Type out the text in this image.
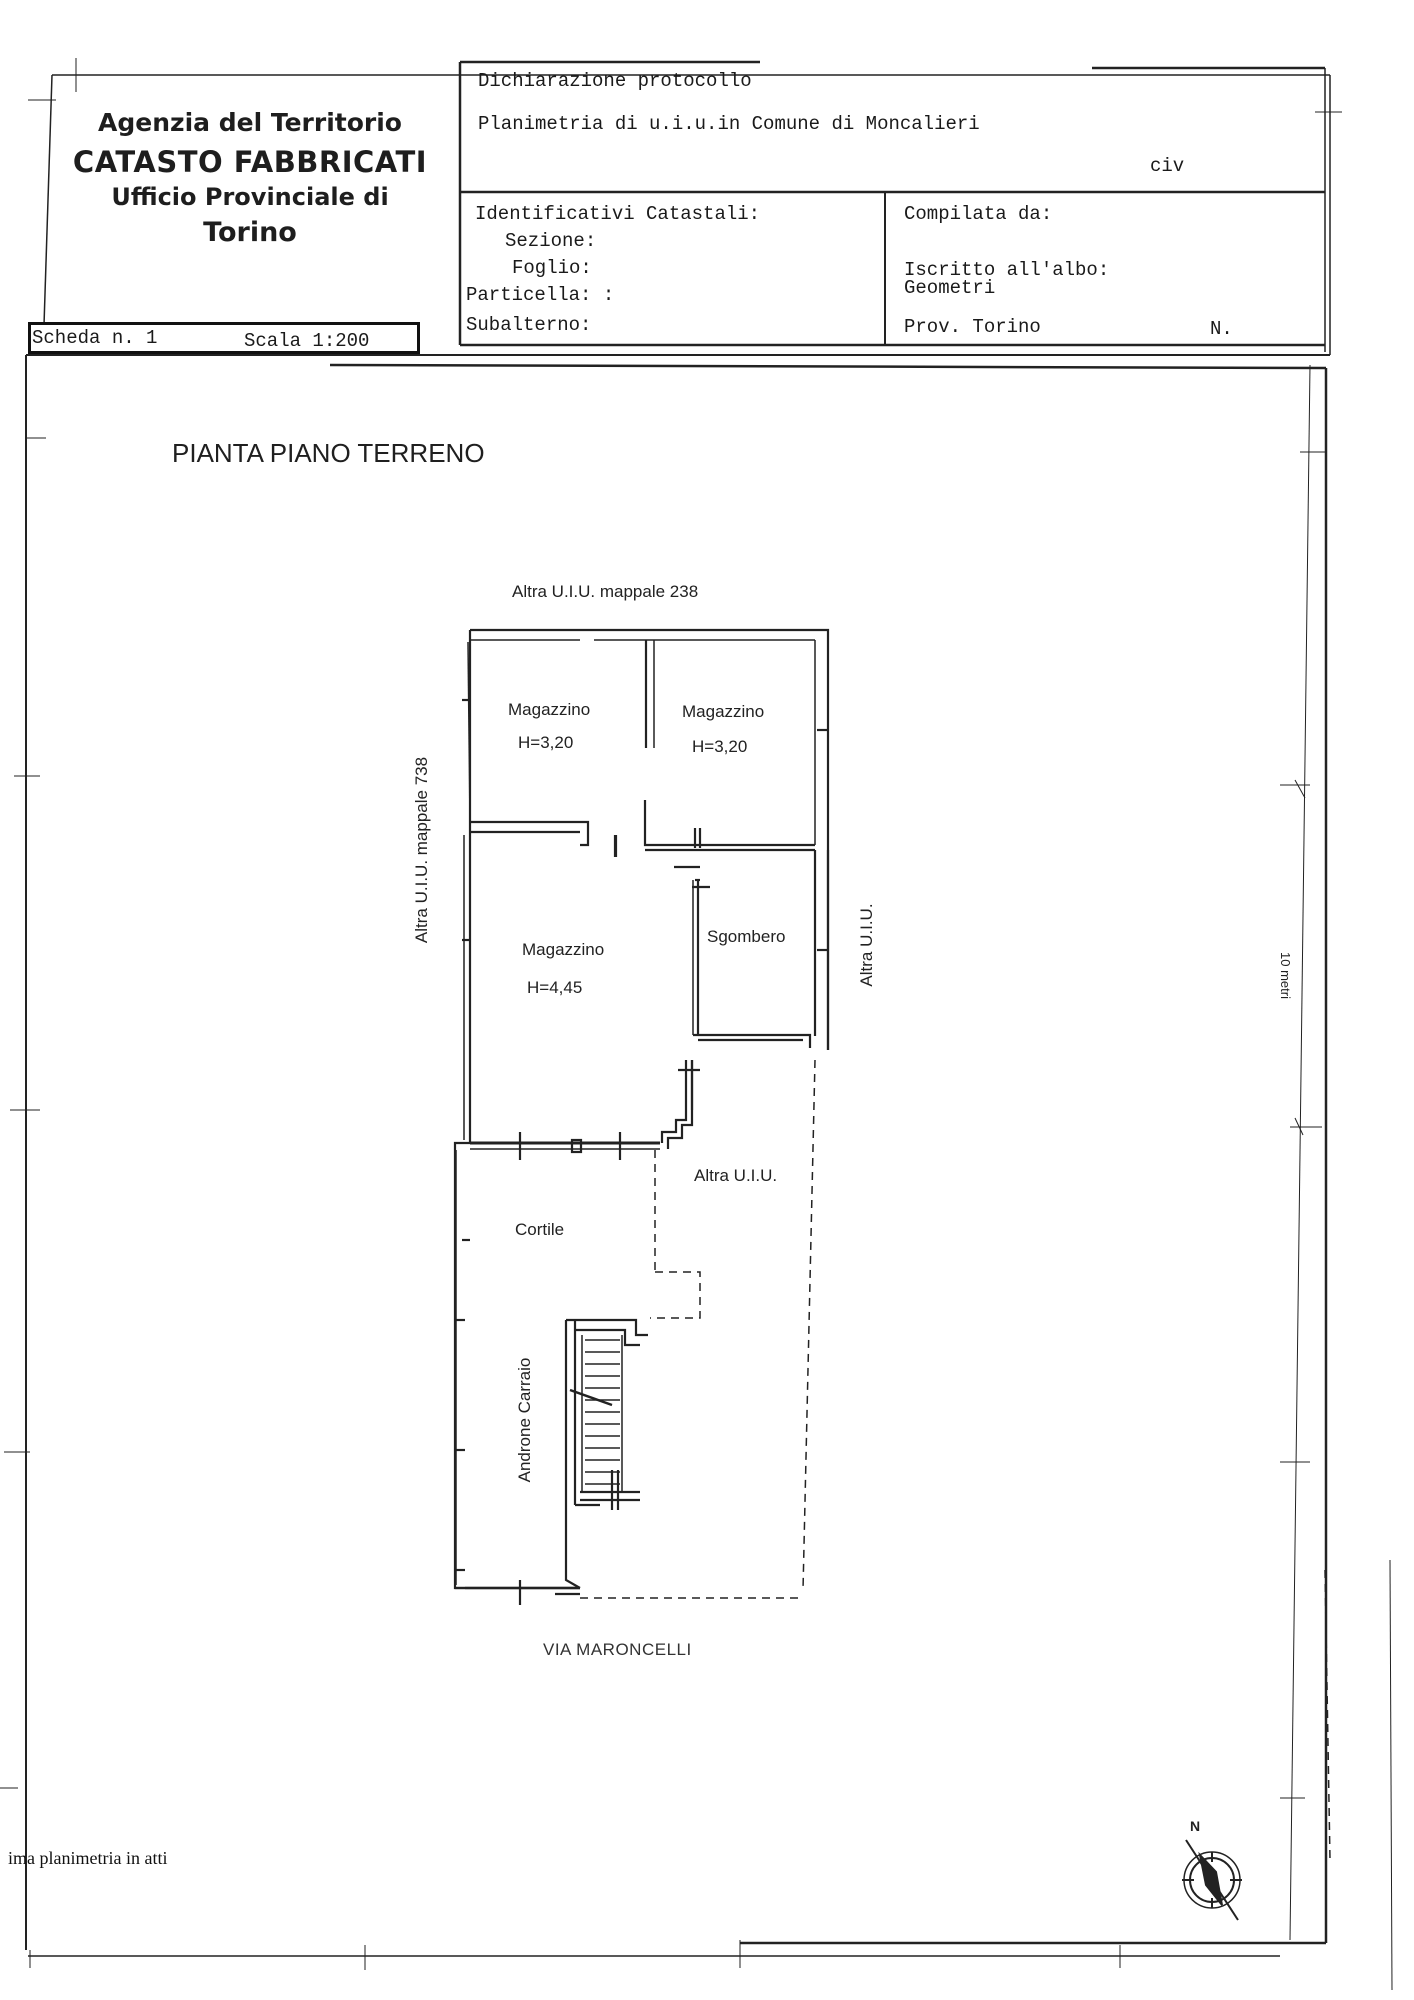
Agenzia del Territorio
CATASTO FABBRICATI
Ufficio Provinciale di
Torino
Scheda n. 1	Scala 1:200
Dichiarazione protocollo
Planimetria di u.i.u.in Comune di Moncalieri
civ
Identificativi Catastali:
Sezione:
Foglio:
Particella: :
Subalterno:
Compilata da:
Iscritto all'albo:
Geometri
Prov. Torino	N.
PIANTA PIANO TERRENO
Altra U.I.U. mappale 238
Altra U.I.U. mappale 738
Altra U.I.U.
Magazzino
H=3,20
Magazzino
H=3,20
Magazzino
H=4,45
Sgombero
Altra U.I.U.
Cortile
Androne Carraio
VIA MARONCELLI
10 metri
N
ima planimetria in atti
